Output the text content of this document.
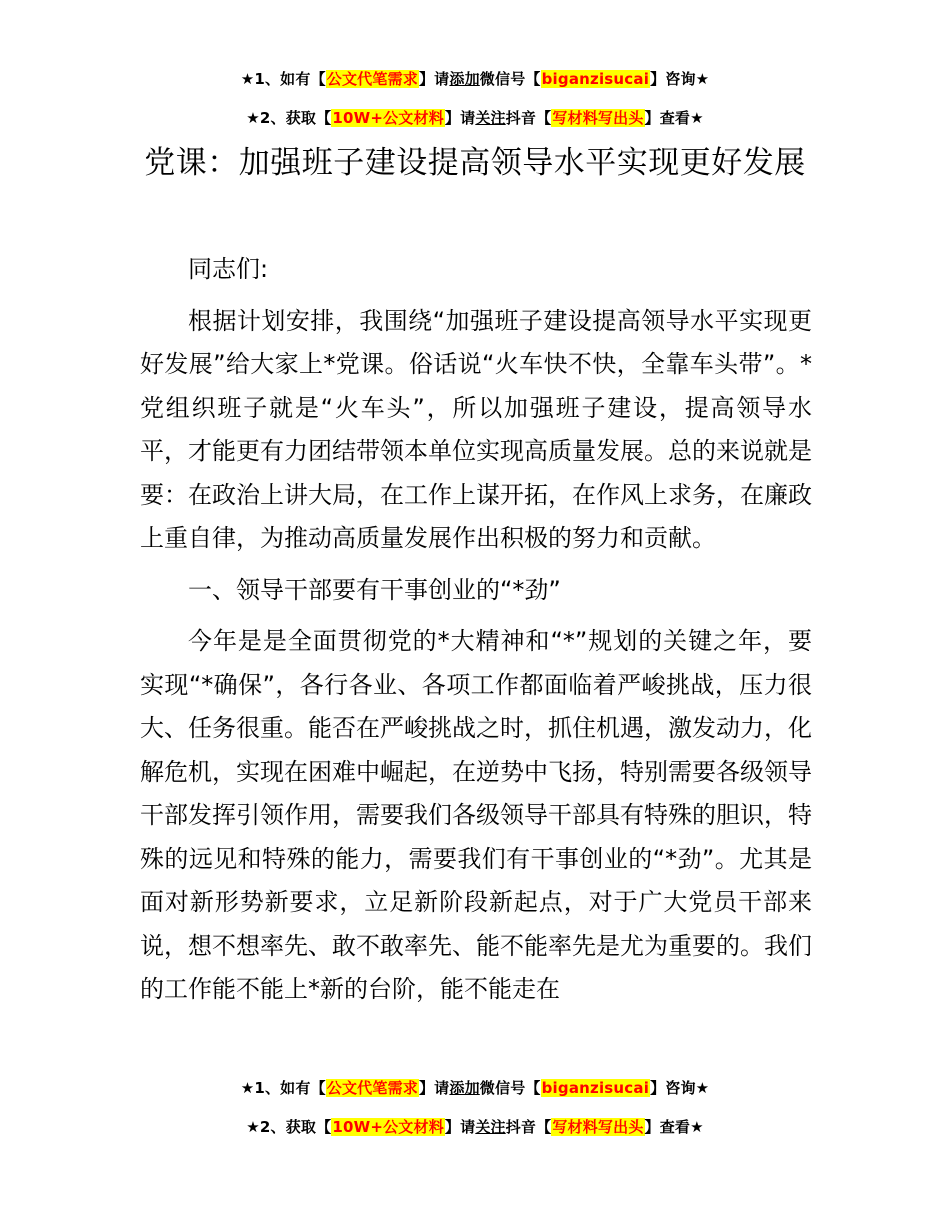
★1、如有【公文代笔需求】请添加微信号【biganzisucai】咨询★
★2、获取【10W+公文材料】请关注抖音【写材料写出头】查看★
党课：加强班子建设提高领导水平实现更好发展

同志们:

根据计划安排，我围绕“加强班子建设提高领导水平实现更好发展”给大家上*党课。俗话说“火车快不快，全靠车头带”。*党组织班子就是“火车头”，所以加强班子建设，提高领导水平，才能更有力团结带领本单位实现高质量发展。总的来说就是要：在政治上讲大局，在工作上谋开拓，在作风上求务，在廉政上重自律，为推动高质量发展作出积极的努力和贡献。

一、领导干部要有干事创业的“*劲”

今年是是全面贯彻党的*大精神和“*”规划的关键之年，要实现“*确保”，各行各业、各项工作都面临着严峻挑战，压力很大、任务很重。能否在严峻挑战之时，抓住机遇，激发动力，化解危机，实现在困难中崛起，在逆势中飞扬，特别需要各级领导干部发挥引领作用，需要我们各级领导干部具有特殊的胆识，特殊的远见和特殊的能力，需要我们有干事创业的“*劲”。尤其是面对新形势新要求，立足新阶段新起点，对于广大党员干部来说，想不想率先、敢不敢率先、能不能率先是尤为重要的。我们的工作能不能上*新的台阶，能不能走在

★1、如有【公文代笔需求】请添加微信号【biganzisucai】咨询★
★2、获取【10W+公文材料】请关注抖音【写材料写出头】查看★
